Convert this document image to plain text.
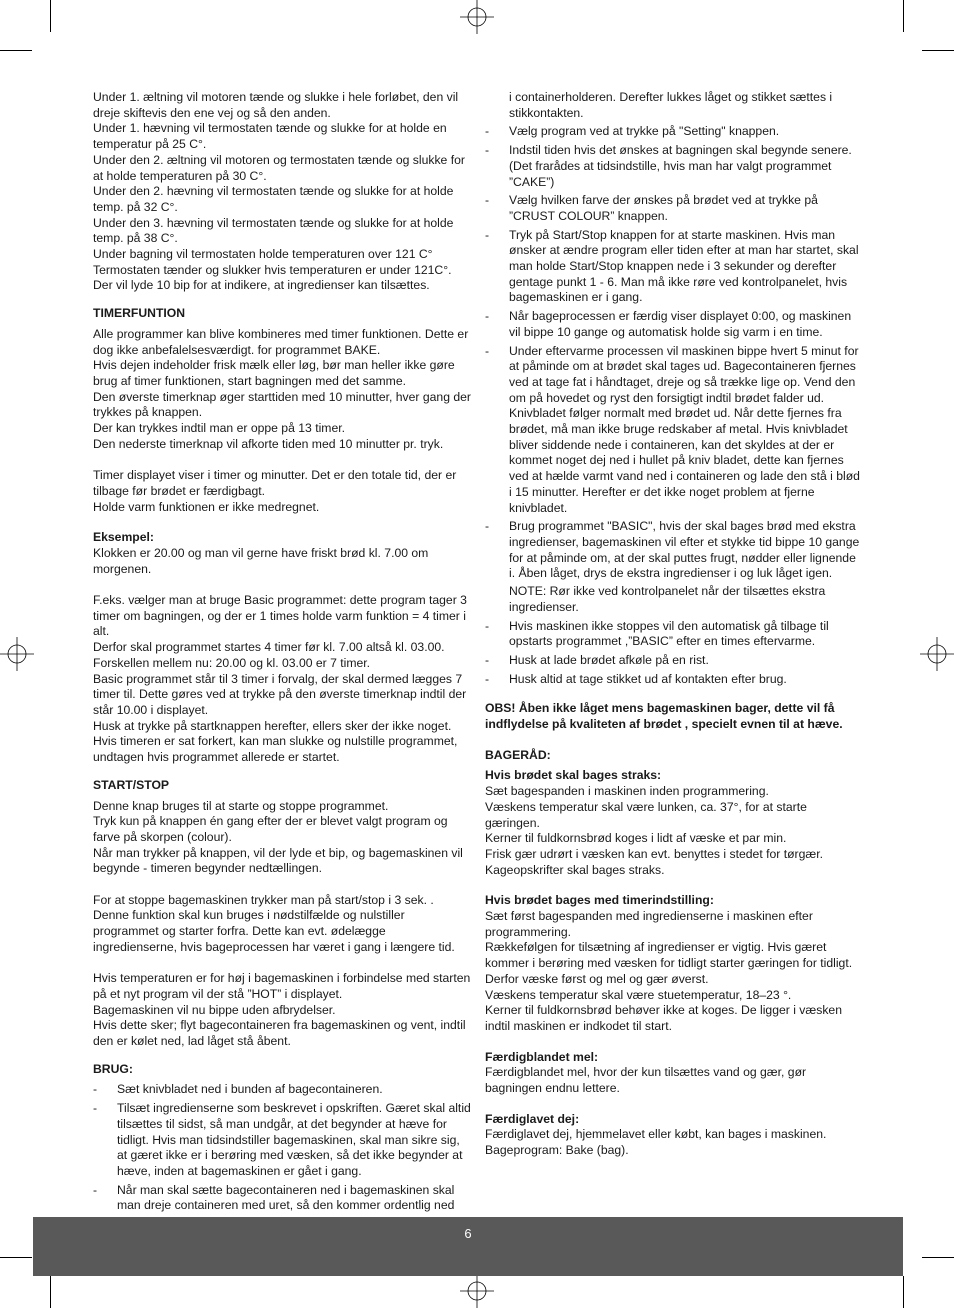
Under 1. æltning vil motoren tænde og slukke i hele forløbet, den vil dreje skiftevis den ene vej og så den anden.

Under 1. hævning vil termostaten tænde og slukke for at holde en temperatur på 25 C°.

Under den 2. æltning vil motoren og termostaten tænde og slukke for at holde temperaturen på 30 C°.

Under den 2. hævning vil termostaten tænde og slukke for at holde temp. på 32 C°.

Under den 3. hævning vil termostaten tænde og slukke for at holde temp. på 38 C°.

Under bagning vil termostaten holde temperaturen over 121 C° Termostaten tænder og slukker hvis temperaturen er under 121C°. Der vil lyde 10 bip for at indikere, at ingredienser kan tilsættes.

TIMERFUNTION

Alle programmer kan blive kombineres med timer funktionen. Dette er dog ikke anbefalelsesværdigt. for programmet BAKE.

Hvis dejen indeholder frisk mælk eller løg, bør man heller ikke gøre brug af timer funktionen, start bagningen med det samme.

Den øverste timerknap øger starttiden med 10 minutter, hver gang der trykkes på knappen.

Der kan trykkes indtil man er oppe på 13 timer.

Den nederste timerknap vil afkorte tiden med 10 minutter pr. tryk.

Timer displayet viser i timer og minutter. Det er den totale tid, der er tilbage før brødet er færdigbagt.

Holde varm funktionen er ikke medregnet.

Eksempel:

Klokken er 20.00 og man vil gerne have friskt brød kl. 7.00 om morgenen.

F.eks. vælger man at bruge Basic programmet: dette program tager 3 timer om bagningen, og der er 1 times holde varm funktion = 4 timer i alt.

Derfor skal programmet startes 4 timer før kl. 7.00 altså kl. 03.00.

Forskellen mellem nu: 20.00 og kl. 03.00 er 7 timer.

Basic programmet står til 3 timer i forvalg, der skal dermed lægges 7 timer til. Dette gøres ved at trykke på den øverste timerknap indtil der står 10.00 i displayet.

Husk at trykke på startknappen herefter, ellers sker der ikke noget.

Hvis timeren er sat forkert, kan man slukke og nulstille programmet, undtagen hvis programmet allerede er startet.

START/STOP

Denne knap bruges til at starte og stoppe programmet.

Tryk kun på knappen én gang efter der er blevet valgt program og farve på skorpen (colour).

Når man trykker på knappen, vil der lyde et bip, og bagemaskinen vil begynde - timeren begynder nedtællingen.

For at stoppe bagemaskinen trykker man på start/stop i 3 sek. .

Denne funktion skal kun bruges i nødstilfælde og nulstiller programmet og starter forfra. Dette kan evt. ødelægge ingredienserne, hvis bageprocessen har været i gang i længere tid.

Hvis temperaturen er for høj i bagemaskinen i forbindelse med starten på et nyt program vil der stå ”HOT” i displayet.

Bagemaskinen vil nu bippe uden afbrydelser.

Hvis dette sker; flyt bagecontaineren fra bagemaskinen og vent, indtil den er kølet ned, lad låget stå åbent.

BRUG:

- Sæt knivbladet ned i bunden af bagecontaineren.
- Tilsæt ingredienserne som beskrevet i opskriften. Gæret skal altid tilsættes til sidst, så man undgår, at det begynder at hæve for tidligt. Hvis man tidsindstiller bagemaskinen, skal man sikre sig, at gæret ikke er i berøring med væsken, så det ikke begynder at hæve, inden at bagemaskinen er gået i gang.
- Når man skal sætte bagecontaineren ned i bagemaskinen skal man dreje containeren med uret, så den kommer ordentlig ned

i containerholderen. Derefter lukkes låget og stikket sættes i stikkontakten.

- Vælg program ved at trykke på "Setting" knappen.
- Indstil tiden hvis det ønskes at bagningen skal begynde senere. (Det frarådes at tidsindstille, hvis man har valgt programmet ”CAKE”)
- Vælg hvilken farve der ønskes på brødet ved at trykke på ”CRUST COLOUR” knappen.
- Tryk på Start/Stop knappen for at starte maskinen. Hvis man ønsker at ændre program eller tiden efter at man har startet, skal man holde Start/Stop knappen nede i 3 sekunder og derefter gentage punkt 1 - 6. Man må ikke røre ved kontrolpanelet, hvis bagemaskinen er i gang.
- Når bageprocessen er færdig viser displayet 0:00, og maskinen vil bippe 10 gange og automatisk holde sig varm i en time.
- Under eftervarme processen vil maskinen bippe hvert 5 minut for at påminde om at brødet skal tages ud. Bagecontaineren fjernes ved at tage fat i håndtaget, dreje og så trække lige op. Vend den om på hovedet og ryst den forsigtigt indtil brødet falder ud. Knivbladet følger normalt med brødet ud. Når dette fjernes fra brødet, må man ikke bruge redskaber af metal. Hvis knivbladet bliver siddende nede i containeren, kan det skyldes at der er kommet noget dej ned i hullet på kniv bladet, dette kan fjernes ved at hælde varmt vand ned i containeren og lade den stå i blød i 15 minutter. Herefter er det ikke noget problem at fjerne knivbladet.
- Brug programmet "BASIC", hvis der skal bages brød med ekstra ingredienser, bagemaskinen vil efter et stykke tid bippe 10 gange for at påminde om, at der skal puttes frugt, nødder eller lignende i. Åben låget, drys de ekstra ingredienser i og luk låget igen.

NOTE: Rør ikke ved kontrolpanelet når der tilsættes ekstra ingredienser.

- Hvis maskinen ikke stoppes vil den automatisk gå tilbage til opstarts programmet ,”BASIC” efter en times eftervarme.
- Husk at lade brødet afkøle på en rist.
- Husk altid at tage stikket ud af kontakten efter brug.

OBS! Åben ikke låget mens bagemaskinen bager, dette vil få indflydelse på kvaliteten af brødet , specielt evnen til at hæve.

BAGERÅD:

Hvis brødet skal bages straks:

Sæt bagespanden i maskinen inden programmering.

Væskens temperatur skal være lunken, ca. 37°, for at starte gæringen.

Kerner til fuldkornsbrød koges i lidt af væske et par min.

Frisk gær udrørt i væsken kan evt. benyttes i stedet for tørgær.

Kageopskrifter skal bages straks.

Hvis brødet bages med timerindstilling:

Sæt først bagespanden med ingredienserne i maskinen efter programmering.

Rækkefølgen for tilsætning af ingredienser er vigtig. Hvis gæret kommer i berøring med væsken for tidligt starter gæringen for tidligt. Derfor væske først og mel og gær øverst.

Væskens temperatur skal være stuetemperatur, 18–23 °.

Kerner til fuldkornsbrød behøver ikke at koges. De ligger i væsken indtil maskinen er indkodet til start.

Færdigblandet mel:

Færdigblandet mel, hvor der kun tilsættes vand og gær, gør bagningen endnu lettere.

Færdiglavet dej:

Færdiglavet dej, hjemmelavet eller købt, kan bages i maskinen.

Bageprogram: Bake (bag).

6
